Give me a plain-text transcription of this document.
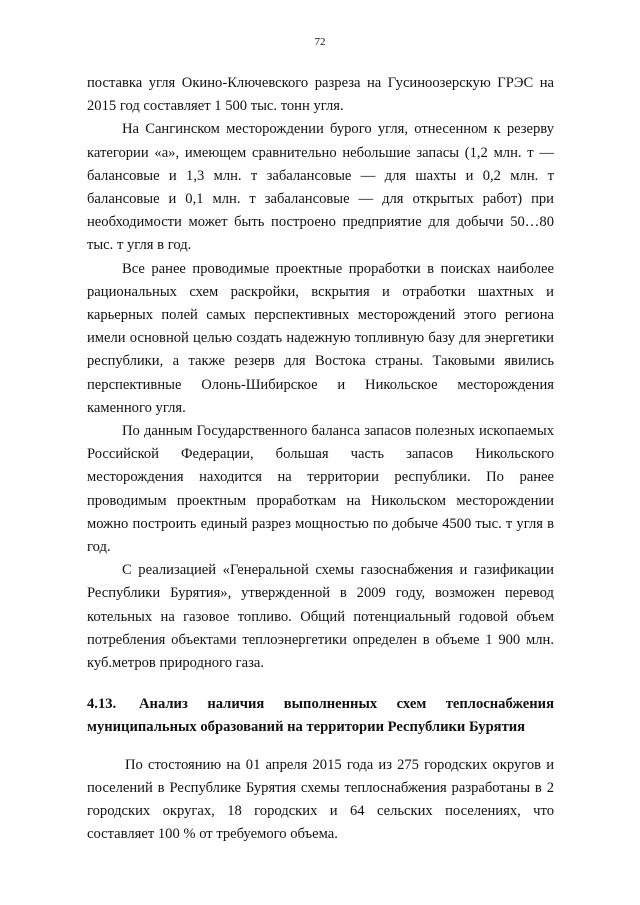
72

поставка угля Окино-Ключевского разреза на Гусиноозерскую ГРЭС на 2015 год составляет 1 500 тыс. тонн угля.

На Сангинском месторождении бурого угля, отнесенном к резерву категории «а», имеющем сравнительно небольшие запасы (1,2 млн. т — балансовые и 1,3 млн. т забалансовые — для шахты и 0,2 млн. т балансовые и 0,1 млн. т забалансовые — для открытых работ) при необходимости может быть построено предприятие для добычи 50…80 тыс. т угля в год.

Все ранее проводимые проектные проработки в поисках наиболее рациональных схем раскройки, вскрытия и отработки шахтных и карьерных полей самых перспективных месторождений этого региона имели основной целью создать надежную топливную базу для энергетики республики, а также резерв для Востока страны. Таковыми явились перспективные Олонь-Шибирское и Никольское месторождения каменного угля.

По данным Государственного баланса запасов полезных ископаемых Российской Федерации, большая часть запасов Никольского месторождения находится на территории республики. По ранее проводимым проектным проработкам на Никольском месторождении можно построить единый разрез мощностью по добыче 4500 тыс. т угля в год.

С реализацией «Генеральной схемы газоснабжения и газификации Республики Бурятия», утвержденной в 2009 году, возможен перевод котельных на газовое топливо. Общий потенциальный годовой объем потребления объектами теплоэнергетики определен в объеме 1 900 млн. куб.метров природного газа.

4.13. Анализ наличия выполненных схем теплоснабжения муниципальных образований на территории Республики Бурятия

По стостоянию на 01 апреля 2015 года из 275 городских округов и поселений в Республике Бурятия схемы теплоснабжения разработаны в 2 городских округах, 18 городских и 64 сельских поселениях, что составляет 100 % от требуемого объема.
